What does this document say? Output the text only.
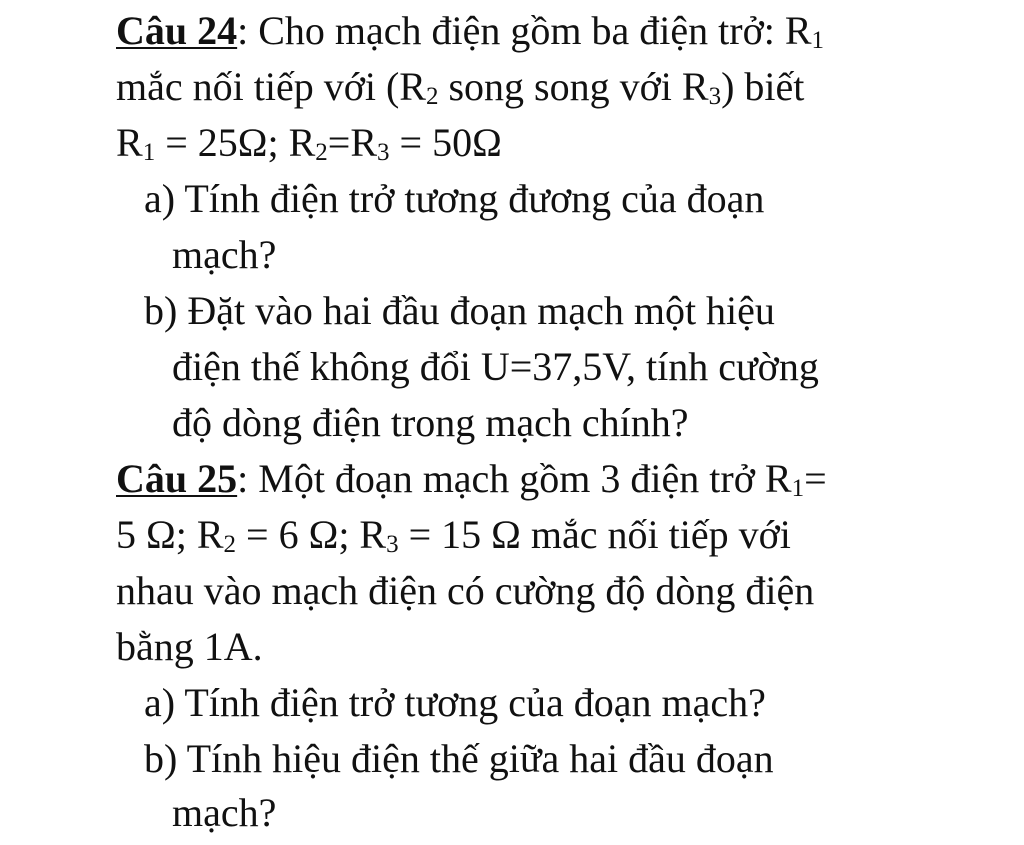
Câu 24: Cho mạch điện gồm ba điện trở: R1
mắc nối tiếp với (R2 song song với R3) biết
R1 = 25Ω; R2=R3 = 50Ω
a) Tính điện trở tương đương của đoạn
mạch?
b) Đặt vào hai đầu đoạn mạch một hiệu
điện thế không đổi U=37,5V, tính cường
độ dòng điện trong mạch chính?
Câu 25: Một đoạn mạch gồm 3 điện trở R1=
5 Ω; R2 = 6 Ω; R3 = 15 Ω mắc nối tiếp với
nhau vào mạch điện có cường độ dòng điện
bằng 1A.
a) Tính điện trở tương của đoạn mạch?
b) Tính hiệu điện thế giữa hai đầu đoạn
mạch?
